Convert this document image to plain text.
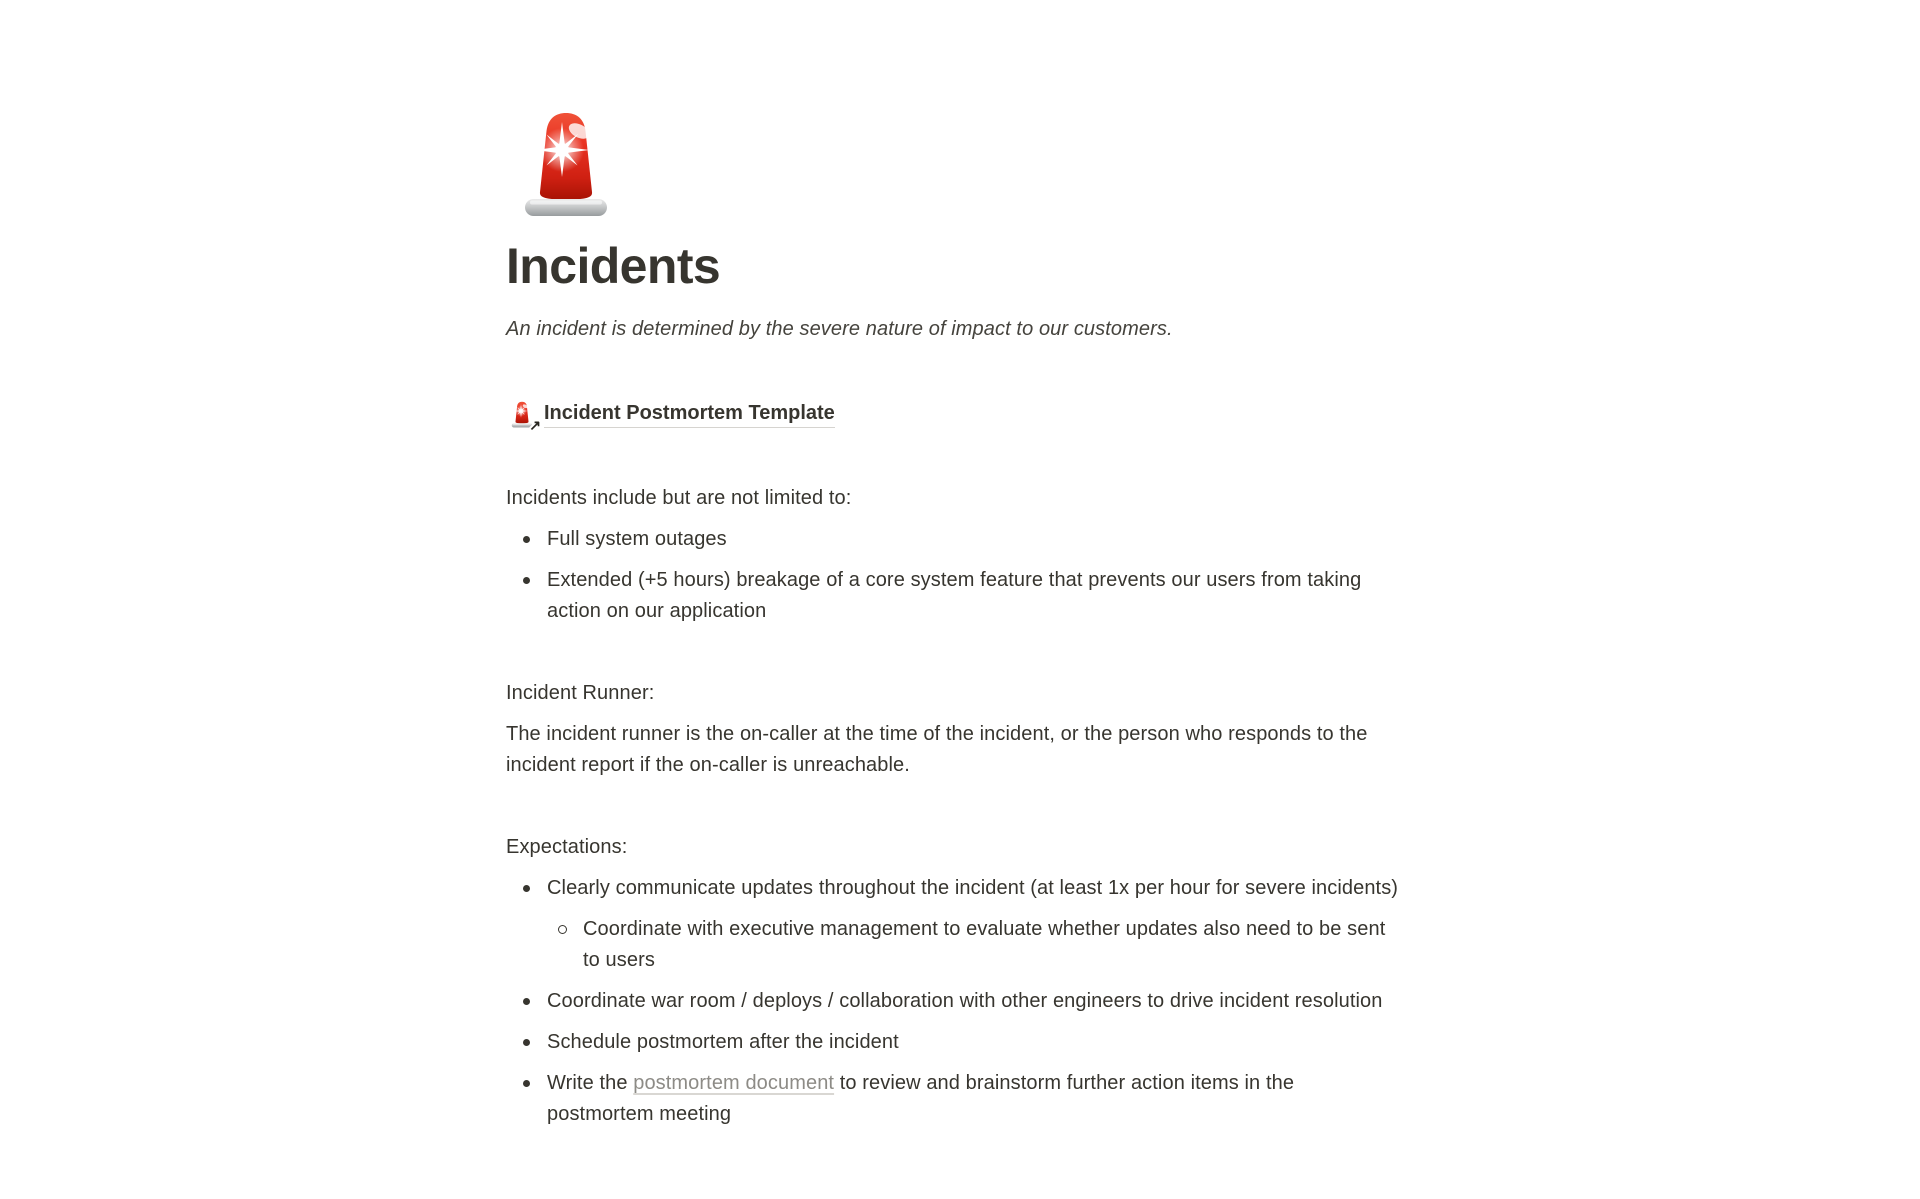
Incidents
An incident is determined by the severe nature of impact to our customers.
↗
Incident Postmortem Template
Incidents include but are not limited to:
Full system outages
Extended (+5 hours) breakage of a core system feature that prevents our users from taking action on our application
Incident Runner:
The incident runner is the on-caller at the time of the incident, or the person who responds to the incident report if the on-caller is unreachable.
Expectations:
Clearly communicate updates throughout the incident (at least 1x per hour for severe incidents)
Coordinate with executive management to evaluate whether updates also need to be sent to users
Coordinate war room / deploys / collaboration with other engineers to drive incident resolution
Schedule postmortem after the incident
Write the postmortem document to review and brainstorm further action items in the postmortem meeting
